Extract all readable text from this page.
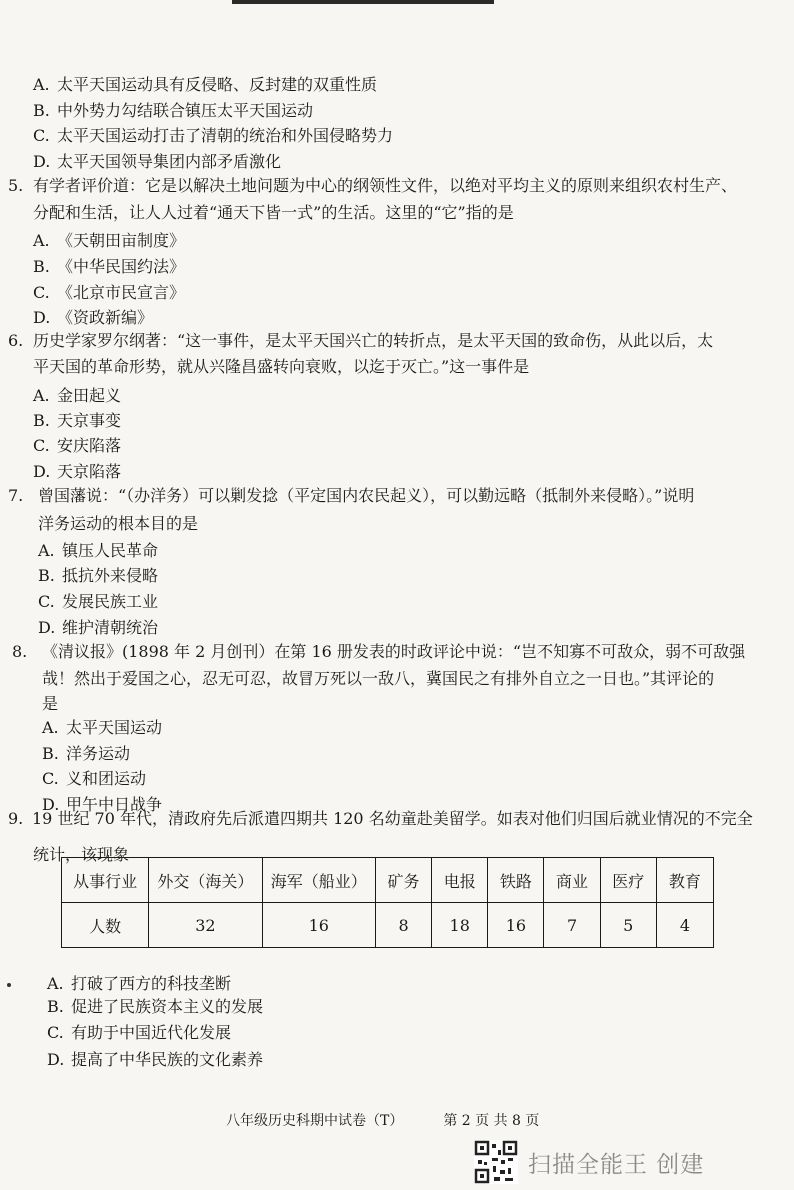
A. 太平天国运动具有反侵略、反封建的双重性质
B. 中外势力勾结联合镇压太平天国运动
C. 太平天国运动打击了清朝的统治和外国侵略势力
D. 太平天国领导集团内部矛盾激化
5. 有学者评价道：它是以解决土地问题为中心的纲领性文件，以绝对平均主义的原则来组织农村生产、
分配和生活，让人人过着“通天下皆一式”的生活。这里的“它”指的是
A. 《天朝田亩制度》
B. 《中华民国约法》
C. 《北京市民宣言》
D. 《资政新编》
6. 历史学家罗尔纲著：“这一事件，是太平天国兴亡的转折点，是太平天国的致命伤，从此以后，太
平天国的革命形势，就从兴隆昌盛转向衰败，以迄于灭亡。”这一事件是
A. 金田起义
B. 天京事变
C. 安庆陷落
D. 天京陷落
7. 曾国藩说：“（办洋务）可以剿发捻（平定国内农民起义），可以勤远略（抵制外来侵略）。”说明
洋务运动的根本目的是
A. 镇压人民革命
B. 抵抗外来侵略
C. 发展民族工业
D. 维护清朝统治
8. 《清议报》(1898 年 2 月创刊）在第 16 册发表的时政评论中说：“岂不知寡不可敌众，弱不可敌强
哉！然出于爱国之心，忍无可忍，故冒万死以一敌八，冀国民之有排外自立之一日也。”其评论的
是
A. 太平天国运动
B. 洋务运动
C. 义和团运动
D. 甲午中日战争
9. 19 世纪 70 年代，清政府先后派遣四期共 120 名幼童赴美留学。如表对他们归国后就业情况的不完全
统计，该现象
从事行业	外交（海关）	海军（船业）	矿务	电报	铁路	商业	医疗	教育
人数	32	16	8	18	16	7	5	4
A. 打破了西方的科技垄断
B. 促进了民族资本主义的发展
C. 有助于中国近代化发展
D. 提高了中华民族的文化素养
八年级历史科期中试卷（T）	第 2 页 共 8 页
扫描全能王 创建
